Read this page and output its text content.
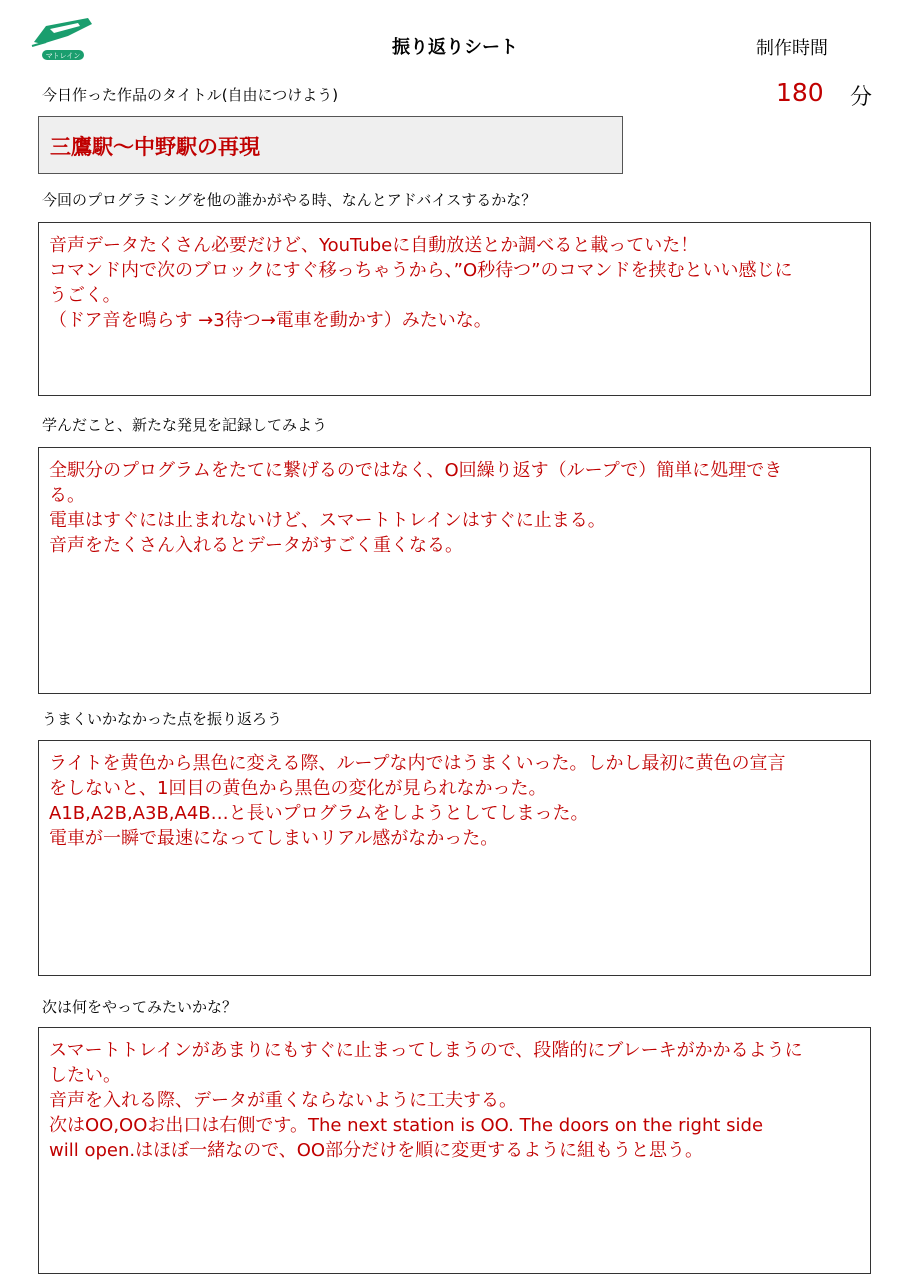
マトレイン	振り返りシート	制作時間
180 分
今日作った作品のタイトル(自由につけよう)
三鷹駅～中野駅の再現
今回のプログラミングを他の誰かがやる時、なんとアドバイスするかな？
音声データたくさん必要だけど、YouTubeに自動放送とか調べると載っていた！
コマンド内で次のブロックにすぐ移っちゃうから、”O秒待つ”のコマンドを挟むといい感じに
うごく。
（ドア音を鳴らす →3待つ→電車を動かす）みたいな。
学んだこと、新たな発見を記録してみよう
全駅分のプログラムをたてに繋げるのではなく、O回繰り返す（ループで）簡単に処理でき
る。
電車はすぐには止まれないけど、スマートトレインはすぐに止まる。
音声をたくさん入れるとデータがすごく重くなる。
うまくいかなかった点を振り返ろう
ライトを黄色から黒色に変える際、ループな内ではうまくいった。しかし最初に黄色の宣言
をしないと、1回目の黄色から黒色の変化が見られなかった。
A1B,A2B,A3B,A4B…と長いプログラムをしようとしてしまった。
電車が一瞬で最速になってしまいリアル感がなかった。
次は何をやってみたいかな？
スマートトレインがあまりにもすぐに止まってしまうので、段階的にブレーキがかかるように
したい。
音声を入れる際、データが重くならないように工夫する。
次はOO,OOお出口は右側です。The next station is OO. The doors on the right side
will open.はほぼ一緒なので、OO部分だけを順に変更するように組もうと思う。
